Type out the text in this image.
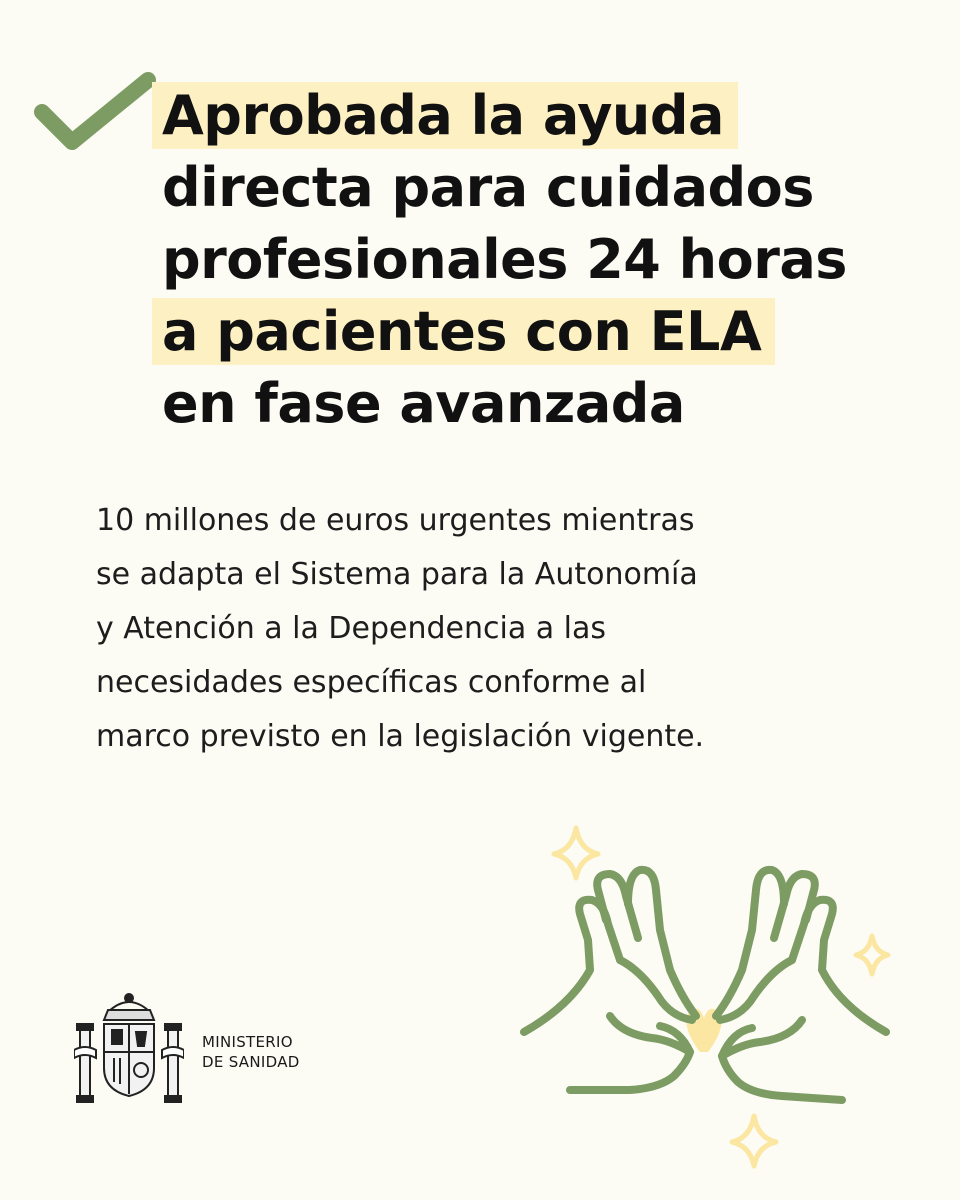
Aprobada la ayuda
directa para cuidados
profesionales 24 horas
a pacientes con ELA
en fase avanzada
10 millones de euros urgentes mientras
se adapta el Sistema para la Autonomía
y Atención a la Dependencia a las
necesidades específicas conforme al
marco previsto en la legislación vigente.
MINISTERIO
DE SANIDAD
